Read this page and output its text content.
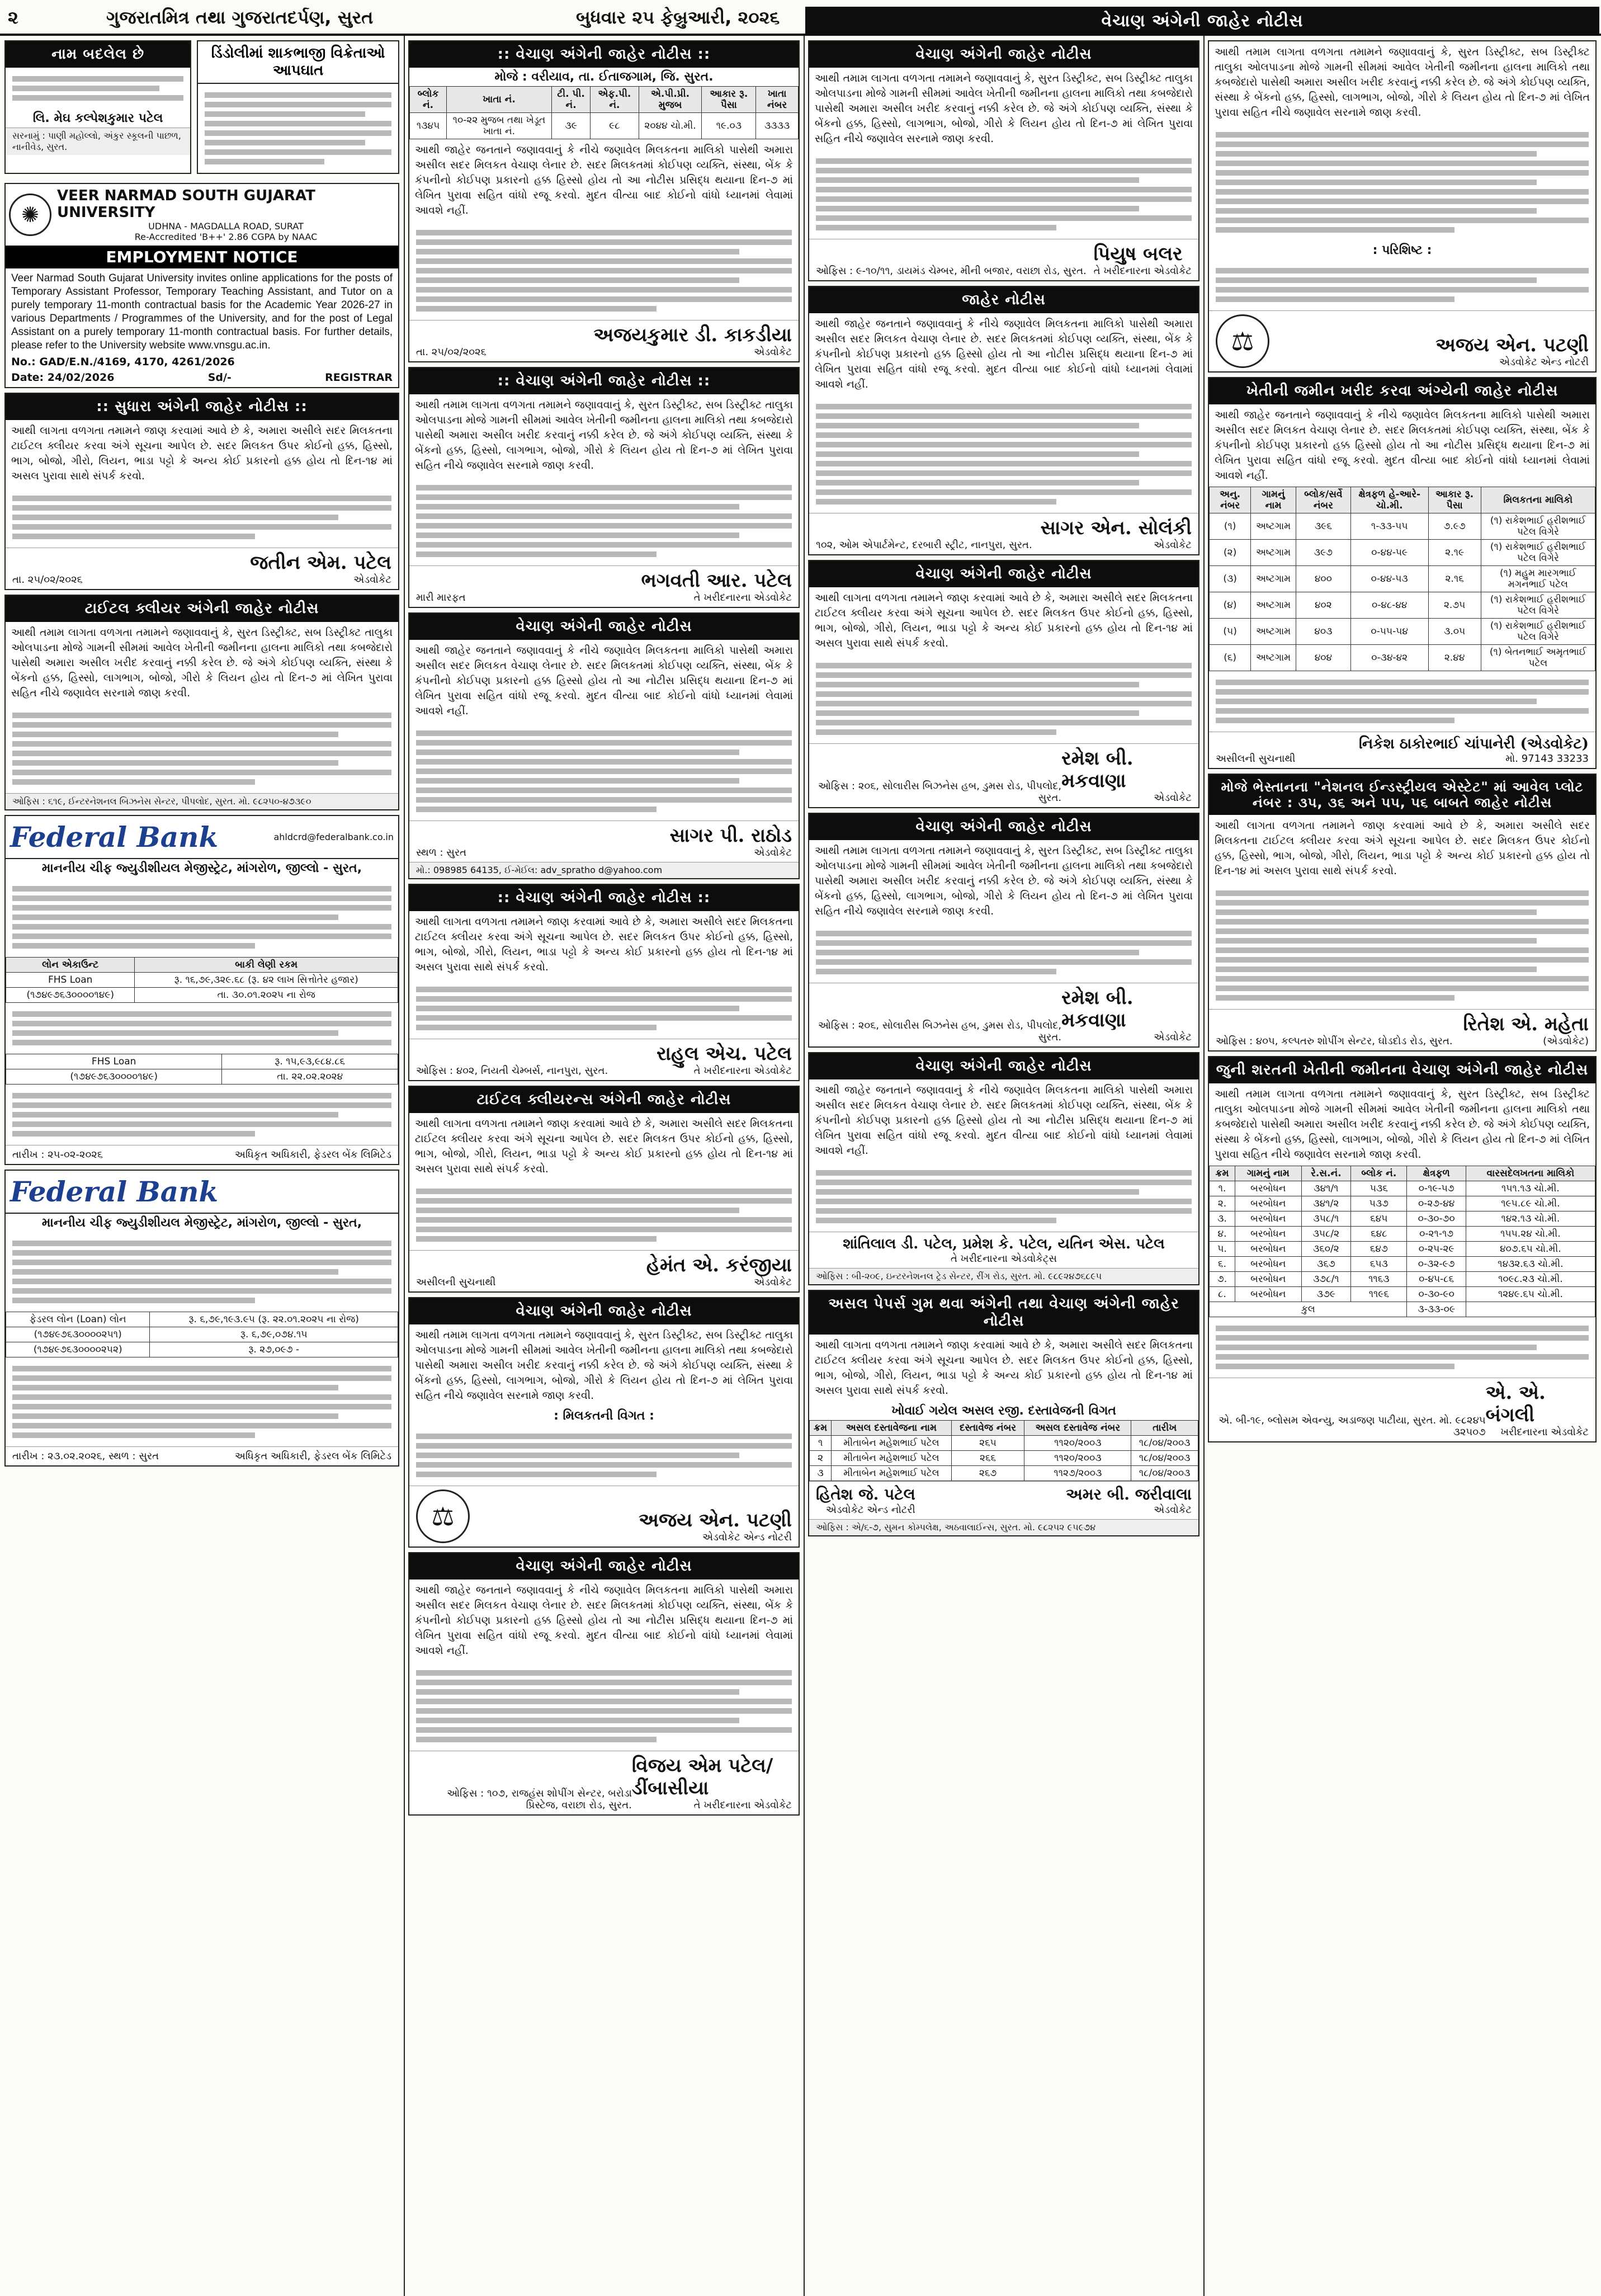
૨	ગુજરાતમિત્ર તથા ગુજરાતદર્પણ, સુરત	બુધવાર ૨૫ ફેબ્રુઆરી, ૨૦૨૬	વેચાણ અંગેની જાહેર નોટીસ
નામ બદલેલ છે
લિ. મેઘ કલ્પેશકુમાર પટેલ
સરનામું : પાણી મહોલ્લો, અંકુર સ્કૂલની પાછળ, નાનીવેડ, સુરત.
ડિંડોલીમાં શાકભાજી વિક્રેતાઓ આપઘાત
✺
VEER NARMAD SOUTH GUJARAT UNIVERSITY
UDHNA - MAGDALLA ROAD, SURAT
Re-Accredited 'B++' 2.86 CGPA by NAAC
EMPLOYMENT NOTICE
Veer Narmad South Gujarat University invites online applications for the posts of Temporary Assistant Professor, Temporary Teaching Assistant, and Tutor on a purely temporary 11-month contractual basis for the Academic Year 2026-27 in various Departments / Programmes of the University, and for the post of Legal Assistant on a purely temporary 11-month contractual basis. For further details, please refer to the University website www.vnsgu.ac.in.
No.: GAD/E.N./4169, 4170, 4261/2026
Date: 24/02/2026	Sd/-	REGISTRAR
:: સુધારા અંગેની જાહેર નોટીસ ::
આથી લાગતા વળગતા તમામને જાણ કરવામાં આવે છે કે, અમારા અસીલે સદર મિલકતના ટાઈટલ ક્લીયર કરવા અંગે સૂચના આપેલ છે. સદર મિલકત ઉપર કોઈનો હક્ક, હિસ્સો, ભાગ, બોજો, ગીરો, લિયન, ભાડા પટ્ટો કે અન્ય કોઈ પ્રકારનો હક્ક હોય તો દિન-૧૪ માં અસલ પુરાવા સાથે સંપર્ક કરવો.
તા. ૨૫/૦૨/૨૦૨૬
જતીન એમ. પટેલ
એડવોકેટ
ટાઈટલ ક્લીયર અંગેની જાહેર નોટીસ
આથી તમામ લાગતા વળગતા તમામને જણાવવાનું કે, સુરત ડિસ્ટ્રીક્ટ, સબ ડિસ્ટ્રીક્ટ તાલુકા ઓલપાડના મોજે ગામની સીમમાં આવેલ ખેતીની જમીનના હાલના માલિકો તથા કબજેદારો પાસેથી અમારા અસીલ ખરીદ કરવાનું નક્કી કરેલ છે. જે અંગે કોઈપણ વ્યક્તિ, સંસ્થા કે બેંકનો હક્ક, હિસ્સો, લાગભાગ, બોજો, ગીરો કે લિયન હોય તો દિન-૭ માં લેખિત પુરાવા સહિત નીચે જણાવેલ સરનામે જાણ કરવી.
ઓફિસ : ૬૧૯, ઈન્ટરનેશનલ બિઝનેસ સેન્ટર, પીપલોદ, સુરત. મો. ૯૮૨૫૦-૪૭૩૯૦
Federal Bank	ahldcrd@federalbank.co.in
માનનીય ચીફ જ્યુડીશીયલ મેજીસ્ટ્રેટ, માંગરોળ, જીલ્લો - સુરત,
લોન એકાઉન્ટ	બાકી લેણી રકમ
FHS Loan	રૂ. ૧૬,૭૯,૩૨૯.૬૮ (રૂ. ૪૨ લાખ સિત્તોતેર હજાર)
(૧૭૪૯૭૬૩૦૦૦૦૧૪૯)	તા. ૩૦.૦૧.૨૦૨૫ ના રોજ
FHS Loan	રૂ. ૧૫,૯૩,૯૮૪.૮૬
(૧૭૪૯૭૬૩૦૦૦૦૧૪૯)	તા. ૨૨.૦૨.૨૦૨૪
તારીખ : ૨૫-૦૨-૨૦૨૬	અધિકૃત અધિકારી, ફેડરલ બેંક લિમિટેડ
Federal Bank
માનનીય ચીફ જ્યુડીશીયલ મેજીસ્ટ્રેટ, માંગરોળ, જીલ્લો - સુરત,
ફેડરલ લોન (Loan) લોન	રૂ. ૬,૭૯,૧૯૩.૯૫ (રૂ. ૨૨.૦૧.૨૦૨૫ ના રોજ)
(૧૭૪૯૭૬૩૦૦૦૦૨૫૧)	રૂ. ૬,૭૯,૦૭૪.૧૫
(૧૭૪૯૭૬૩૦૦૦૦૨૫૨)	રૂ. ૨૭,૦૯૭ -
તારીખ : ૨૩.૦૨.૨૦૨૬, સ્થળ : સુરત	અધિકૃત અધિકારી, ફેડરલ બેંક લિમિટેડ
:: વેચાણ અંગેની જાહેર નોટીસ ::
મોજે : વરીયાવ, તા. ઈતાજગામ, જિ. સુરત.
બ્લોક નં.	ખાતા નં.	ટી. પી. નં.	એફ.પી. નં.	એ.પી.પ્રી. મુજબ	આકાર રૂ. પૈસા	ખાતા નંબર
૧૩૪૫	૧૦-૨૨ મુજબ તથા ખેડૂત ખાતા નં.	૩૯	૯૮	૨૦૪૪ ચો.મી.	૧૯.૦૩	૩૩૩૩
આથી જાહેર જનતાને જણાવવાનું કે નીચે જણાવેલ મિલકતના માલિકો પાસેથી અમારા અસીલ સદર મિલકત વેચાણ લેનાર છે. સદર મિલકતમાં કોઈપણ વ્યક્તિ, સંસ્થા, બેંક કે કંપનીનો કોઈપણ પ્રકારનો હક્ક હિસ્સો હોય તો આ નોટીસ પ્રસિદ્ધ થયાના દિન-૭ માં લેખિત પુરાવા સહિત વાંધો રજૂ કરવો. મુદત વીત્યા બાદ કોઈનો વાંધો ધ્યાનમાં લેવામાં આવશે નહીં.
તા. ૨૫/૦૨/૨૦૨૬
અજયકુમાર ડી. કાકડીયા
એડવોકેટ
:: વેચાણ અંગેની જાહેર નોટીસ ::
આથી તમામ લાગતા વળગતા તમામને જણાવવાનું કે, સુરત ડિસ્ટ્રીક્ટ, સબ ડિસ્ટ્રીક્ટ તાલુકા ઓલપાડના મોજે ગામની સીમમાં આવેલ ખેતીની જમીનના હાલના માલિકો તથા કબજેદારો પાસેથી અમારા અસીલ ખરીદ કરવાનું નક્કી કરેલ છે. જે અંગે કોઈપણ વ્યક્તિ, સંસ્થા કે બેંકનો હક્ક, હિસ્સો, લાગભાગ, બોજો, ગીરો કે લિયન હોય તો દિન-૭ માં લેખિત પુરાવા સહિત નીચે જણાવેલ સરનામે જાણ કરવી.
મારી મારફત
ભગવતી આર. પટેલ
તે ખરીદનારના એડવોકેટ
વેચાણ અંગેની જાહેર નોટીસ
આથી જાહેર જનતાને જણાવવાનું કે નીચે જણાવેલ મિલકતના માલિકો પાસેથી અમારા અસીલ સદર મિલકત વેચાણ લેનાર છે. સદર મિલકતમાં કોઈપણ વ્યક્તિ, સંસ્થા, બેંક કે કંપનીનો કોઈપણ પ્રકારનો હક્ક હિસ્સો હોય તો આ નોટીસ પ્રસિદ્ધ થયાના દિન-૭ માં લેખિત પુરાવા સહિત વાંધો રજૂ કરવો. મુદત વીત્યા બાદ કોઈનો વાંધો ધ્યાનમાં લેવામાં આવશે નહીં.
સ્થળ : સુરત
સાગર પી. રાઠોડ
એડવોકેટ
મો.: 098985 64135, ઈ-મેઈલ: adv_spratho d@yahoo.com
:: વેચાણ અંગેની જાહેર નોટીસ ::
આથી લાગતા વળગતા તમામને જાણ કરવામાં આવે છે કે, અમારા અસીલે સદર મિલકતના ટાઈટલ ક્લીયર કરવા અંગે સૂચના આપેલ છે. સદર મિલકત ઉપર કોઈનો હક્ક, હિસ્સો, ભાગ, બોજો, ગીરો, લિયન, ભાડા પટ્ટો કે અન્ય કોઈ પ્રકારનો હક્ક હોય તો દિન-૧૪ માં અસલ પુરાવા સાથે સંપર્ક કરવો.
ઓફિસ : ૪૦૨, નિયતી ચેમ્બર્સ, નાનપુરા, સુરત.
રાહુલ એચ. પટેલ
તે ખરીદનારના એડવોકેટ
ટાઈટલ ક્લીયરન્સ અંગેની જાહેર નોટીસ
આથી લાગતા વળગતા તમામને જાણ કરવામાં આવે છે કે, અમારા અસીલે સદર મિલકતના ટાઈટલ ક્લીયર કરવા અંગે સૂચના આપેલ છે. સદર મિલકત ઉપર કોઈનો હક્ક, હિસ્સો, ભાગ, બોજો, ગીરો, લિયન, ભાડા પટ્ટો કે અન્ય કોઈ પ્રકારનો હક્ક હોય તો દિન-૧૪ માં અસલ પુરાવા સાથે સંપર્ક કરવો.
અસીલની સુચનાથી
હેમંત એ. કરંજીયા
એડવોકેટ
વેચાણ અંગેની જાહેર નોટીસ
આથી તમામ લાગતા વળગતા તમામને જણાવવાનું કે, સુરત ડિસ્ટ્રીક્ટ, સબ ડિસ્ટ્રીક્ટ તાલુકા ઓલપાડના મોજે ગામની સીમમાં આવેલ ખેતીની જમીનના હાલના માલિકો તથા કબજેદારો પાસેથી અમારા અસીલ ખરીદ કરવાનું નક્કી કરેલ છે. જે અંગે કોઈપણ વ્યક્તિ, સંસ્થા કે બેંકનો હક્ક, હિસ્સો, લાગભાગ, બોજો, ગીરો કે લિયન હોય તો દિન-૭ માં લેખિત પુરાવા સહિત નીચે જણાવેલ સરનામે જાણ કરવી.
: મિલકતની વિગત :
⚖	અજય એન. પટણી
એડવોકેટ એન્ડ નોટરી
વેચાણ અંગેની જાહેર નોટીસ
આથી જાહેર જનતાને જણાવવાનું કે નીચે જણાવેલ મિલકતના માલિકો પાસેથી અમારા અસીલ સદર મિલકત વેચાણ લેનાર છે. સદર મિલકતમાં કોઈપણ વ્યક્તિ, સંસ્થા, બેંક કે કંપનીનો કોઈપણ પ્રકારનો હક્ક હિસ્સો હોય તો આ નોટીસ પ્રસિદ્ધ થયાના દિન-૭ માં લેખિત પુરાવા સહિત વાંધો રજૂ કરવો. મુદત વીત્યા બાદ કોઈનો વાંધો ધ્યાનમાં લેવામાં આવશે નહીં.
ઓફિસ : ૧૦૭, રાજહંસ શોપીંગ સેન્ટર, બરોડા પ્રિસ્ટેજ, વરાછા રોડ, સુરત.
વિજય એમ પટેલ/ડીંબાસીયા
તે ખરીદનારના એડવોકેટ
વેચાણ અંગેની જાહેર નોટીસ
આથી તમામ લાગતા વળગતા તમામને જણાવવાનું કે, સુરત ડિસ્ટ્રીક્ટ, સબ ડિસ્ટ્રીક્ટ તાલુકા ઓલપાડના મોજે ગામની સીમમાં આવેલ ખેતીની જમીનના હાલના માલિકો તથા કબજેદારો પાસેથી અમારા અસીલ ખરીદ કરવાનું નક્કી કરેલ છે. જે અંગે કોઈપણ વ્યક્તિ, સંસ્થા કે બેંકનો હક્ક, હિસ્સો, લાગભાગ, બોજો, ગીરો કે લિયન હોય તો દિન-૭ માં લેખિત પુરાવા સહિત નીચે જણાવેલ સરનામે જાણ કરવી.
ઓફિસ : ૯-૧૦/૧૧, ડાયમંડ ચેમ્બર, મીની બજાર, વરાછા રોડ, સુરત.
પિયુષ બલર
તે ખરીદનારના એડવોકેટ
જાહેર નોટીસ
આથી જાહેર જનતાને જણાવવાનું કે નીચે જણાવેલ મિલકતના માલિકો પાસેથી અમારા અસીલ સદર મિલકત વેચાણ લેનાર છે. સદર મિલકતમાં કોઈપણ વ્યક્તિ, સંસ્થા, બેંક કે કંપનીનો કોઈપણ પ્રકારનો હક્ક હિસ્સો હોય તો આ નોટીસ પ્રસિદ્ધ થયાના દિન-૭ માં લેખિત પુરાવા સહિત વાંધો રજૂ કરવો. મુદત વીત્યા બાદ કોઈનો વાંધો ધ્યાનમાં લેવામાં આવશે નહીં.
૧૦૨, ઓમ એપાર્ટમેન્ટ, દરબારી સ્ટ્રીટ, નાનપુરા, સુરત.
સાગર એન. સોલંકી
એડવોકેટ
વેચાણ અંગેની જાહેર નોટીસ
આથી લાગતા વળગતા તમામને જાણ કરવામાં આવે છે કે, અમારા અસીલે સદર મિલકતના ટાઈટલ ક્લીયર કરવા અંગે સૂચના આપેલ છે. સદર મિલકત ઉપર કોઈનો હક્ક, હિસ્સો, ભાગ, બોજો, ગીરો, લિયન, ભાડા પટ્ટો કે અન્ય કોઈ પ્રકારનો હક્ક હોય તો દિન-૧૪ માં અસલ પુરાવા સાથે સંપર્ક કરવો.
ઓફિસ : ૨૦૬, સોલારીસ બિઝનેસ હબ, ડુમસ રોડ, પીપલોદ, સુરત.
રમેશ બી. મકવાણા
એડવોકેટ
વેચાણ અંગેની જાહેર નોટીસ
આથી તમામ લાગતા વળગતા તમામને જણાવવાનું કે, સુરત ડિસ્ટ્રીક્ટ, સબ ડિસ્ટ્રીક્ટ તાલુકા ઓલપાડના મોજે ગામની સીમમાં આવેલ ખેતીની જમીનના હાલના માલિકો તથા કબજેદારો પાસેથી અમારા અસીલ ખરીદ કરવાનું નક્કી કરેલ છે. જે અંગે કોઈપણ વ્યક્તિ, સંસ્થા કે બેંકનો હક્ક, હિસ્સો, લાગભાગ, બોજો, ગીરો કે લિયન હોય તો દિન-૭ માં લેખિત પુરાવા સહિત નીચે જણાવેલ સરનામે જાણ કરવી.
ઓફિસ : ૨૦૬, સોલારીસ બિઝનેસ હબ, ડુમસ રોડ, પીપલોદ, સુરત.
રમેશ બી. મકવાણા
એડવોકેટ
વેચાણ અંગેની જાહેર નોટીસ
આથી જાહેર જનતાને જણાવવાનું કે નીચે જણાવેલ મિલકતના માલિકો પાસેથી અમારા અસીલ સદર મિલકત વેચાણ લેનાર છે. સદર મિલકતમાં કોઈપણ વ્યક્તિ, સંસ્થા, બેંક કે કંપનીનો કોઈપણ પ્રકારનો હક્ક હિસ્સો હોય તો આ નોટીસ પ્રસિદ્ધ થયાના દિન-૭ માં લેખિત પુરાવા સહિત વાંધો રજૂ કરવો. મુદત વીત્યા બાદ કોઈનો વાંધો ધ્યાનમાં લેવામાં આવશે નહીં.
શાંતિલાલ ડી. પટેલ, પ્રમેશ કે. પટેલ, યતિન એસ. પટેલ
તે ખરીદનારના એડવોકેટ્સ
ઓફિસ : બી-૨૦૯, ઇન્ટરનેશનલ ટ્રેડ સેન્ટર, રીંગ રોડ, સુરત. મો. ૯૮૯૨૪૭૬૮૯૫
અસલ પેપર્સ ગુમ થવા અંગેની તથા વેચાણ અંગેની જાહેર નોટીસ
આથી લાગતા વળગતા તમામને જાણ કરવામાં આવે છે કે, અમારા અસીલે સદર મિલકતના ટાઈટલ ક્લીયર કરવા અંગે સૂચના આપેલ છે. સદર મિલકત ઉપર કોઈનો હક્ક, હિસ્સો, ભાગ, બોજો, ગીરો, લિયન, ભાડા પટ્ટો કે અન્ય કોઈ પ્રકારનો હક્ક હોય તો દિન-૧૪ માં અસલ પુરાવા સાથે સંપર્ક કરવો.
ખોવાઈ ગયેલ અસલ રજી. દસ્તાવેજની વિગત
ક્રમ	અસલ દસ્તાવેજના નામ	દસ્તાવેજ નંબર	અસલ દસ્તાવેજ નંબર	તારીખ
૧	મીતાબેન મહેશભાઈ પટેલ	૨૬૫	૧૧૨૦/૨૦૦૩	૧૮/૦૪/૨૦૦૩
૨	મીતાબેન મહેશભાઈ પટેલ	૨૬૬	૧૧૨૦/૨૦૦૩	૧૮/૦૪/૨૦૦૩
૩	મીતાબેન મહેશભાઈ પટેલ	૨૬૭	૧૧૨૭/૨૦૦૩	૧૮/૦૪/૨૦૦૩
હિતેશ જે. પટેલ
એડવોકેટ એન્ડ નોટરી
અમર બી. જરીવાલા
એડવોકેટ
ઓફિસ : એ/૬-૭, સુમન કોમ્પલેક્ષ, અઠવાલાઈન્સ, સુરત. મો. ૯૮૨૫૨ ૯૫૯૭૪
આથી તમામ લાગતા વળગતા તમામને જણાવવાનું કે, સુરત ડિસ્ટ્રીક્ટ, સબ ડિસ્ટ્રીક્ટ તાલુકા ઓલપાડના મોજે ગામની સીમમાં આવેલ ખેતીની જમીનના હાલના માલિકો તથા કબજેદારો પાસેથી અમારા અસીલ ખરીદ કરવાનું નક્કી કરેલ છે. જે અંગે કોઈપણ વ્યક્તિ, સંસ્થા કે બેંકનો હક્ક, હિસ્સો, લાગભાગ, બોજો, ગીરો કે લિયન હોય તો દિન-૭ માં લેખિત પુરાવા સહિત નીચે જણાવેલ સરનામે જાણ કરવી.
: પરિશિષ્ટ :
⚖	અજય એન. પટણી
એડવોકેટ એન્ડ નોટરી
ખેતીની જમીન ખરીદ કરવા અંગ્યેની જાહેર નોટીસ
આથી જાહેર જનતાને જણાવવાનું કે નીચે જણાવેલ મિલકતના માલિકો પાસેથી અમારા અસીલ સદર મિલકત વેચાણ લેનાર છે. સદર મિલકતમાં કોઈપણ વ્યક્તિ, સંસ્થા, બેંક કે કંપનીનો કોઈપણ પ્રકારનો હક્ક હિસ્સો હોય તો આ નોટીસ પ્રસિદ્ધ થયાના દિન-૭ માં લેખિત પુરાવા સહિત વાંધો રજૂ કરવો. મુદત વીત્યા બાદ કોઈનો વાંધો ધ્યાનમાં લેવામાં આવશે નહીં.
અનુ. નંબર	ગામનું નામ	બ્લોક/સર્વે નંબર	ક્ષેત્રફળ હે-આરે-ચો.મી.	આકાર રૂ. પૈસા	મિલકતના માલિકો
(૧)	અષ્ટગામ	૩૯૬	૧-૩૩-૫૫	૭.૯૭	(૧) રાકેશભાઈ હરીશભાઈ પટેલ વિગેરે
(૨)	અષ્ટગામ	૩૯૭	૦-૪૪-૫૯	૨.૧૯	(૧) રાકેશભાઈ હરીશભાઈ પટેલ વિગેરે
(૩)	અષ્ટગામ	૪૦૦	૦-૪૪-૫૩	૨.૧૬	(૧) મહુમ મારગભાઈ મગનભાઈ પટેલ
(૪)	અષ્ટગામ	૪૦૨	૦-૪૮-૪૪	૨.૭૫	(૧) રાકેશભાઈ હરીશભાઈ પટેલ વિગેરે
(૫)	અષ્ટગામ	૪૦૩	૦-૫૫-૫૪	૩.૦૫	(૧) રાકેશભાઈ હરીશભાઈ પટેલ વિગેરે
(૬)	અષ્ટગામ	૪૦૪	૦-૩૪-૪૨	૨.૪૪	(૧) બેતનભાઈ અમૃતભાઈ પટેલ
અસીલની સુચનાથી
નિકેશ ઠાકોરભાઈ ચાંપાનેરી (એડવોકેટ)
મો. 97143 33233
મોજે ભેસ્તાનના "નેશનલ ઈન્ડસ્ટ્રીયલ એસ્ટેટ" માં આવેલ પ્લોટ નંબર : ૩૫, ૩૬ અને ૫૫, ૫૬ બાબતે જાહેર નોટીસ
આથી લાગતા વળગતા તમામને જાણ કરવામાં આવે છે કે, અમારા અસીલે સદર મિલકતના ટાઈટલ ક્લીયર કરવા અંગે સૂચના આપેલ છે. સદર મિલકત ઉપર કોઈનો હક્ક, હિસ્સો, ભાગ, બોજો, ગીરો, લિયન, ભાડા પટ્ટો કે અન્ય કોઈ પ્રકારનો હક્ક હોય તો દિન-૧૪ માં અસલ પુરાવા સાથે સંપર્ક કરવો.
ઓફિસ : ૪૦૫, કલ્પતરુ શોપીંગ સેન્ટર, ઘોડદોડ રોડ, સુરત.
રિતેશ એ. મહેતા
(એડવોકેટ)
જુની શરતની ખેતીની જમીનના વેચાણ અંગેની જાહેર નોટીસ
આથી તમામ લાગતા વળગતા તમામને જણાવવાનું કે, સુરત ડિસ્ટ્રીક્ટ, સબ ડિસ્ટ્રીક્ટ તાલુકા ઓલપાડના મોજે ગામની સીમમાં આવેલ ખેતીની જમીનના હાલના માલિકો તથા કબજેદારો પાસેથી અમારા અસીલ ખરીદ કરવાનું નક્કી કરેલ છે. જે અંગે કોઈપણ વ્યક્તિ, સંસ્થા કે બેંકનો હક્ક, હિસ્સો, લાગભાગ, બોજો, ગીરો કે લિયન હોય તો દિન-૭ માં લેખિત પુરાવા સહિત નીચે જણાવેલ સરનામે જાણ કરવી.
ક્રમ	ગામનું નામ	રે.સ.નં.	બ્લોક નં.	ક્ષેત્રફળ	વારસદેલખતના માલિકો
૧.	બરબોધન	૩૪૧/૧	૫૩૬	૦-૧૯-૫૭	૧૫૧.૧૩ ચો.મી.
૨.	બરબોધન	૩૪૧/૨	૫૩૭	૦-૨૭-૪૪	૧૯૫.૮૯ ચો.મી.
૩.	બરબોધન	૩૫૮/૧	૬૪૫	૦-૩૦-૭૦	૧૪૨.૧૩ ચો.મી.
૪.	બરબોધન	૩૫૮/૨	૬૪૮	૦-૨૧-૧૭	૧૫૫.૨૪ ચો.મી.
૫.	બરબોધન	૩૬૦/૨	૬૪૭	૦-૨૫-૨૯	૪૦૭.૬૫ ચો.મી.
૬.	બરબોધન	૩૬૭	૬૫૩	૦-૩૨-૯૭	૧૪૩૨.૬૩ ચો.મી.
૭.	બરબોધન	૩૭૮/૧	૧૧૬૩	૦-૪૫-૮૬	૧૦૯૮.૨૩ ચો.મી.
૮.	બરબોધન	૩૭૯	૧૧૯૬	૦-૩૦-૯૦	૧૨૪૯.૬૫ ચો.મી.
કુલ				૩-૩૩-૦૯	
એ. બી-૧૯, બ્લોસમ એવન્યુ, અડાજણ પાટીયા, સુરત. મો. ૯૮૨૪૫ ૩૨૫૦૭
એ. એ. બંગલી
ખરીદનારના એડવોકેટ
